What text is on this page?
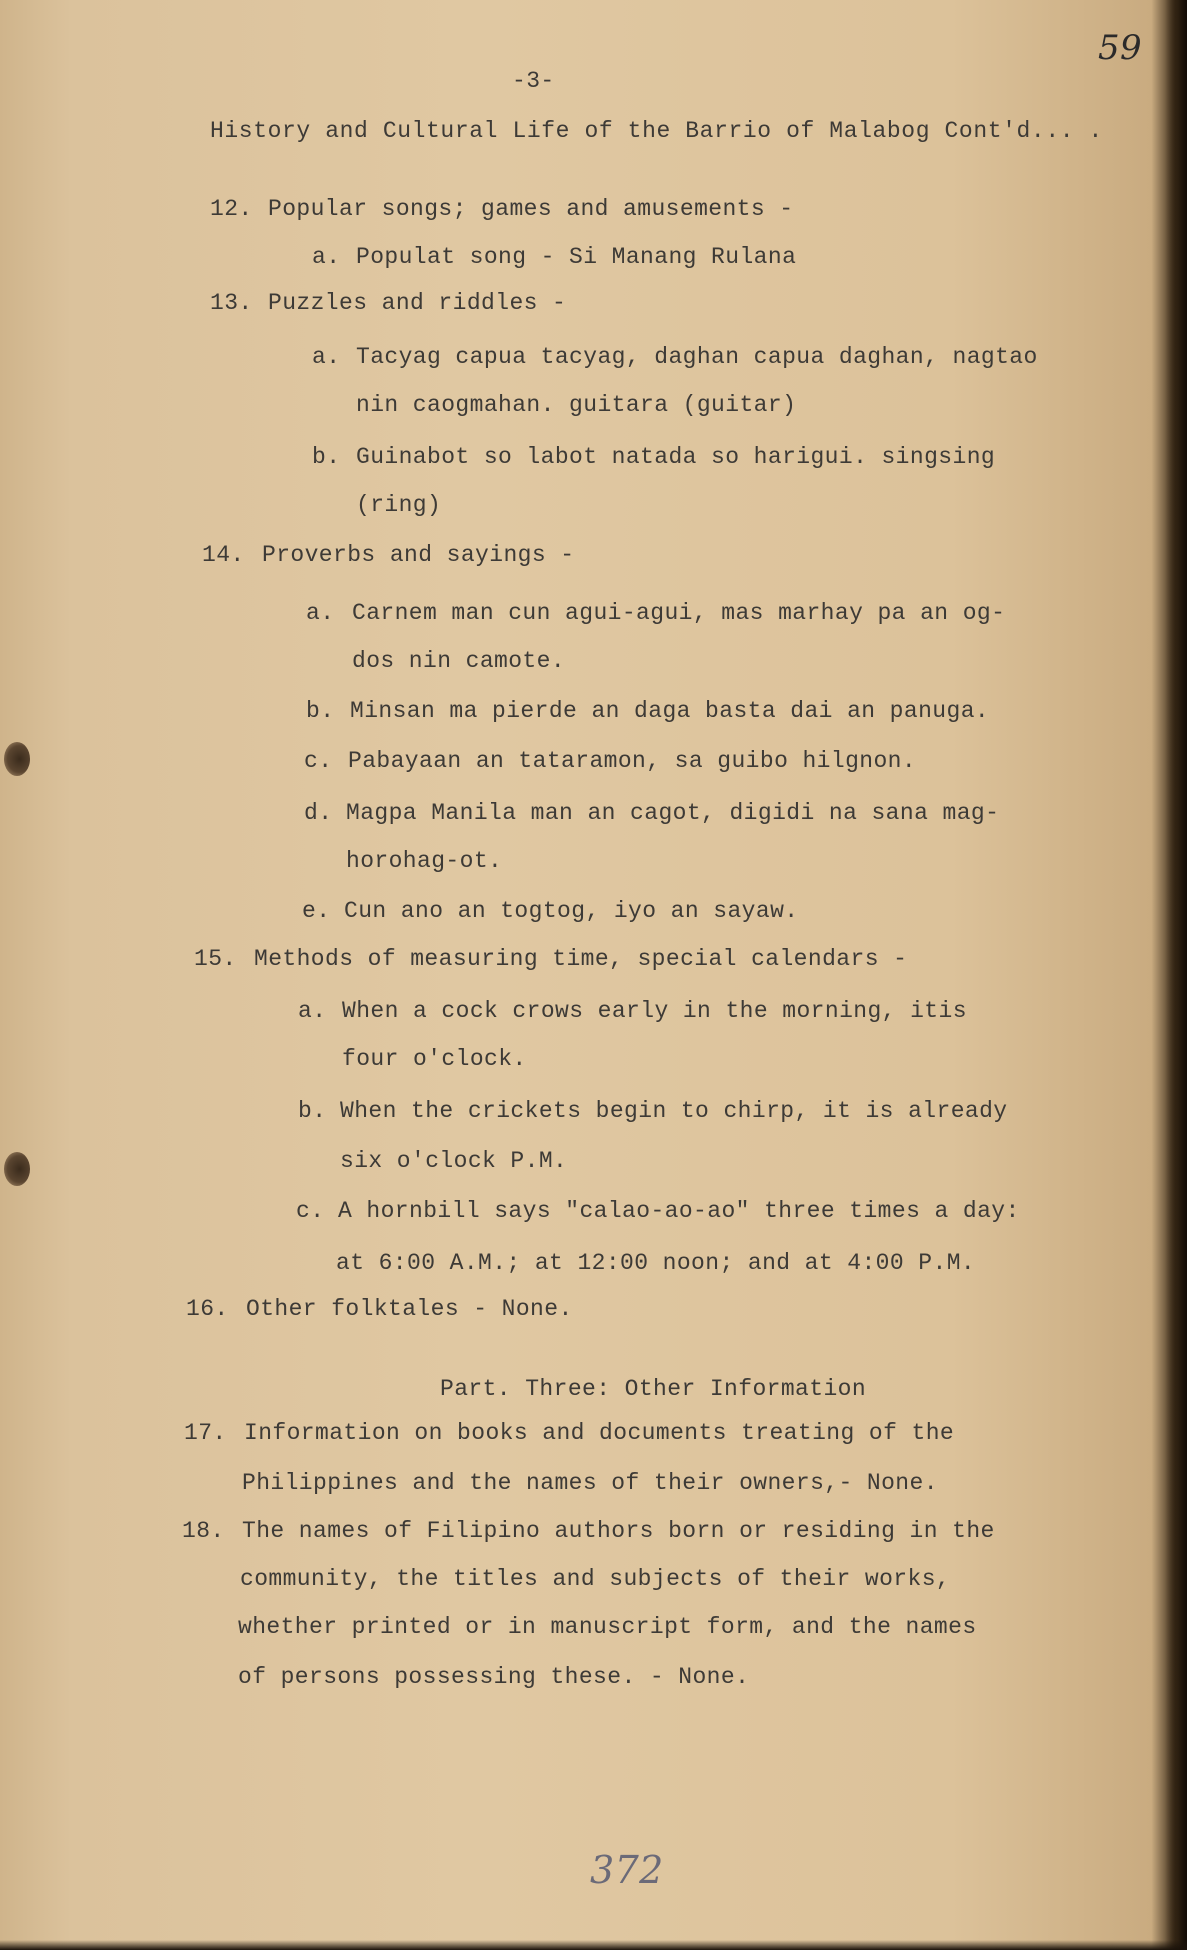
59
-3-
History and Cultural Life of the Barrio of Malabog Cont'd... .
12. Popular songs; games and amusements -
a. Populat song - Si Manang Rulana
13. Puzzles and riddles -
a. Tacyag capua tacyag, daghan capua daghan, nagtao
nin caogmahan. guitara (guitar)
b. Guinabot so labot natada so harigui. singsing
(ring)
14. Proverbs and sayings -
a. Carnem man cun agui-agui, mas marhay pa an og-
dos nin camote.
b. Minsan ma pierde an daga basta dai an panuga.
c. Pabayaan an tataramon, sa guibo hilgnon.
d. Magpa Manila man an cagot, digidi na sana mag-
horohag-ot.
e. Cun ano an togtog, iyo an sayaw.
15. Methods of measuring time, special calendars -
a. When a cock crows early in the morning, itis
four o'clock.
b. When the crickets begin to chirp, it is already
six o'clock P.M.
c. A hornbill says "calao-ao-ao" three times a day:
at 6:00 A.M.; at 12:00 noon; and at 4:00 P.M.
16. Other folktales - None.
Part. Three: Other Information
17. Information on books and documents treating of the
Philippines and the names of their owners,- None.
18. The names of Filipino authors born or residing in the
community, the titles and subjects of their works,
whether printed or in manuscript form, and the names
of persons possessing these. - None.
372
